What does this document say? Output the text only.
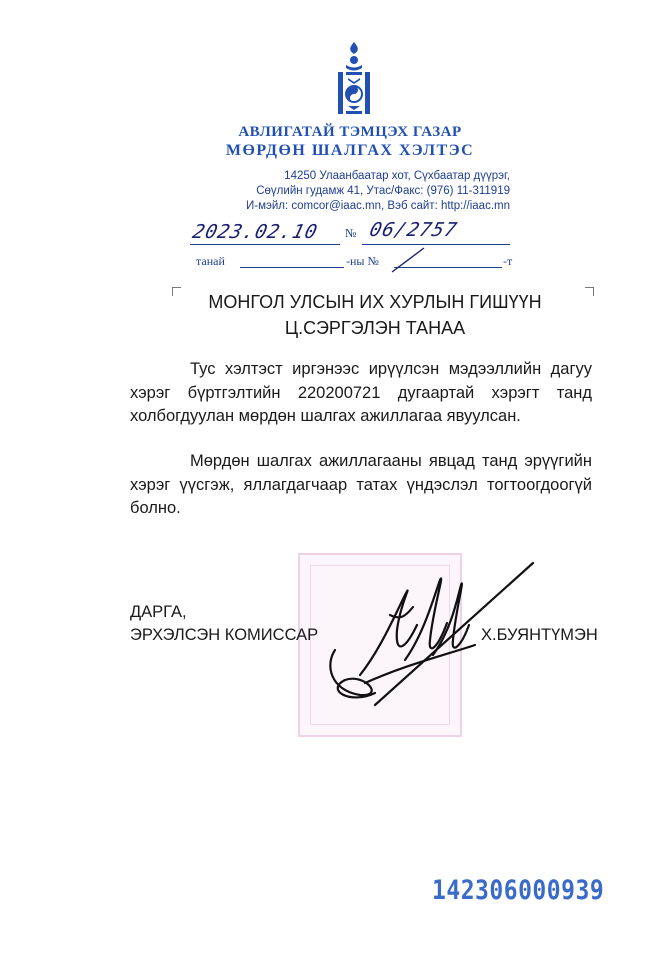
АВЛИГАТАЙ ТЭМЦЭХ ГАЗАР
МӨРДӨН ШАЛГАХ ХЭЛТЭС
14250 Улаанбаатар хот, Сүхбаатар дүүрэг,
Сөүлийн гудамж 41, Утас/Факс: (976) 11-311919
И-мэйл: comcor@iaac.mn, Вэб сайт: http://iaac.mn
2023.02.10 № 06/2757
танай	-ны №	-т
МОНГОЛ УЛСЫН ИХ ХУРЛЫН ГИШҮҮН
Ц.СЭРГЭЛЭН ТАНАА
Тус хэлтэст иргэнээс ирүүлсэн мэдээллийн дагуу хэрэг бүртгэлтийн 220200721 дугаартай хэрэгт танд холбогдуулан мөрдөн шалгах ажиллагаа явуулсан.
Мөрдөн шалгах ажиллагааны явцад танд эрүүгийн хэрэг үүсгэж, яллагдагчаар татах үндэслэл тогтоогдоогүй болно.
ДАРГА,
ЭРХЭЛСЭН КОМИССАР	Х.БУЯНТҮМЭН
142306000939
